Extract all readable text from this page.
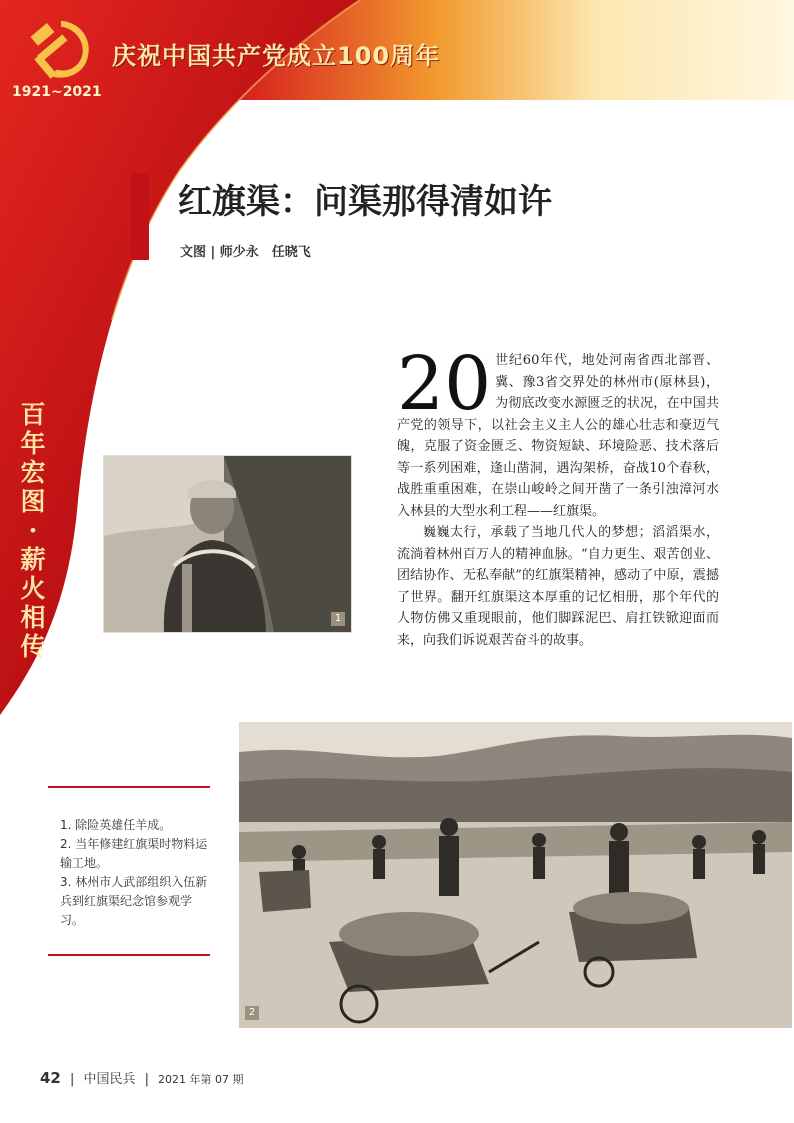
庆祝中国共产党成立100周年
1921~2021
百年宏图·薪火相传
红旗渠：问渠那得清如许
文图 | 师少永　任晓飞

20 世纪60年代，地处河南省西北部晋、冀、豫3省交界处的林州市(原林县)，为彻底改变水源匮乏的状况，在中国共产党的领导下，以社会主义主人公的雄心壮志和豪迈气魄，克服了资金匮乏、物资短缺、环境险恶、技术落后等一系列困难，逢山凿洞，遇沟架桥，奋战10个春秋，战胜重重困难，在崇山峻岭之间开凿了一条引浊漳河水入林县的大型水利工程——红旗渠。

巍巍太行，承载了当地几代人的梦想；滔滔渠水，流淌着林州百万人的精神血脉。“自力更生、艰苦创业、团结协作、无私奉献”的红旗渠精神，感动了中原，震撼了世界。翻开红旗渠这本厚重的记忆相册，那个年代的人物仿佛又重现眼前，他们脚踩泥巴、肩扛铁锨迎面而来，向我们诉说艰苦奋斗的故事。

1
2
1. 除险英雄任羊成。
2. 当年修建红旗渠时物料运输工地。
3. 林州市人武部组织入伍新兵到红旗渠纪念馆参观学习。
42 | 中国民兵 | 2021 年第 07 期
